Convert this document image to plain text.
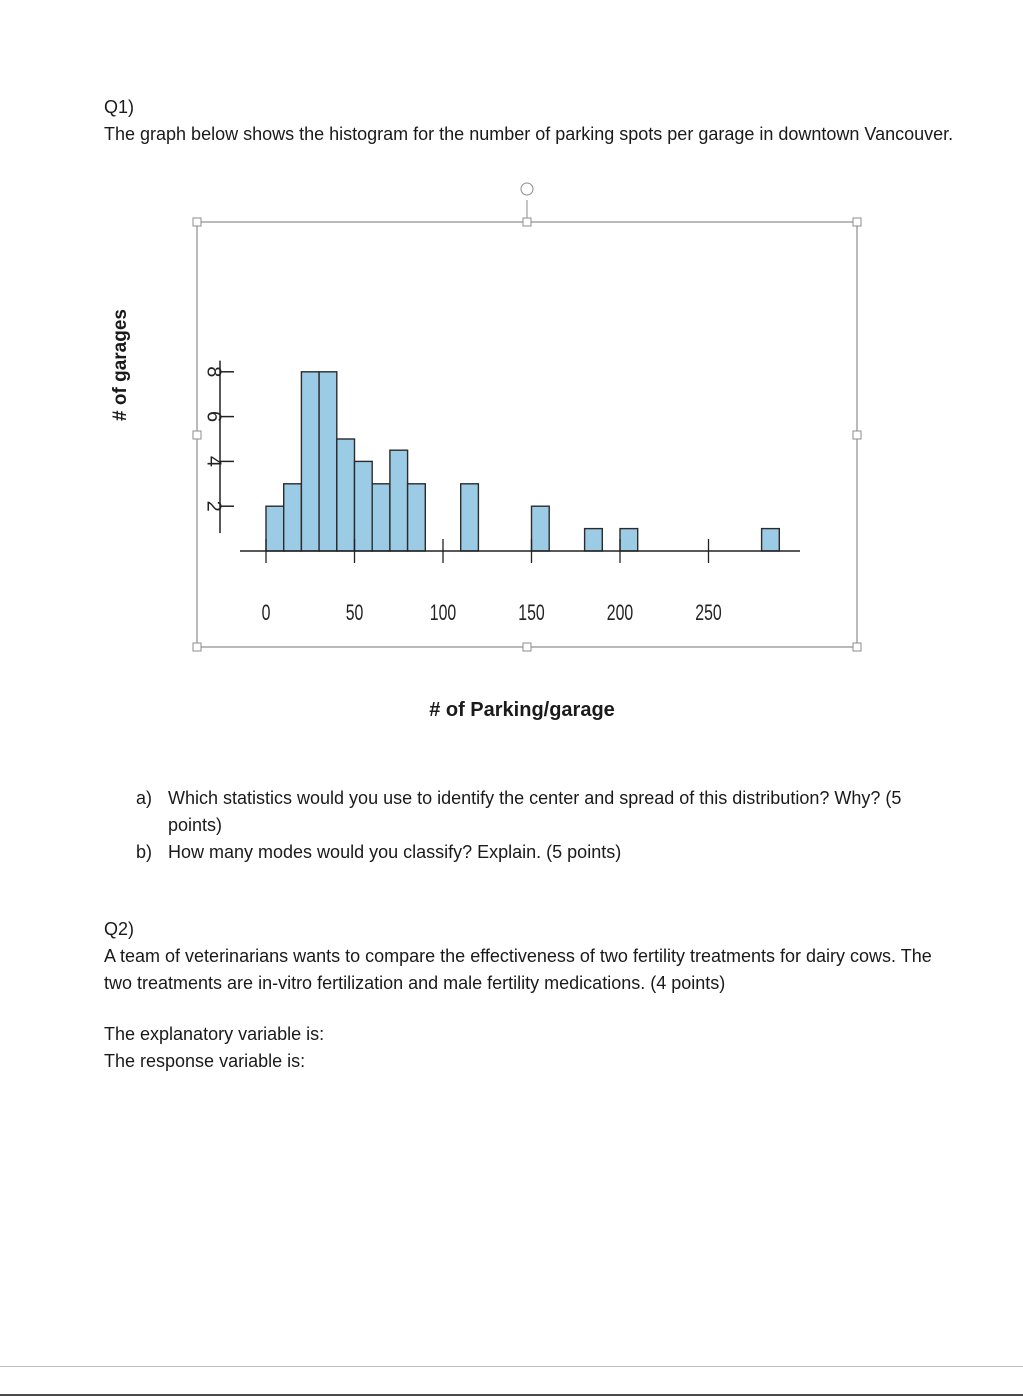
Q1)
The graph below shows the histogram for the number of parking spots per garage in downtown Vancouver.
2
4
6
8
0	50	100	150	200	250
# of garages
# of Parking/garage
a) Which statistics would you use to identify the center and spread of this distribution? Why? (5 points)
b) How many modes would you classify? Explain. (5 points)
Q2)
A team of veterinarians wants to compare the effectiveness of two fertility treatments for dairy cows. The two treatments are in-vitro fertilization and male fertility medications. (4 points)
The explanatory variable is:
The response variable is:
